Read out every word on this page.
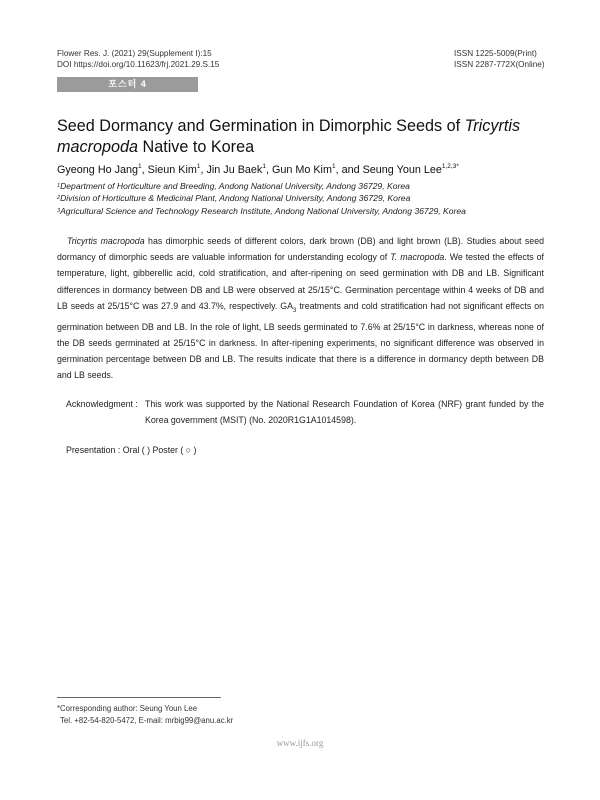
Flower Res. J. (2021) 29(Supplement I):15
DOI https://doi.org/10.11623/frj.2021.29.S.15
ISSN 1225-5009(Print)
ISSN 2287-772X(Online)
포스터 4
Seed Dormancy and Germination in Dimorphic Seeds of Tricyrtis macropoda Native to Korea
Gyeong Ho Jang$^1$, Sieun Kim$^1$, Jin Ju Baek$^1$, Gun Mo Kim$^1$, and Seung Youn Lee$^{1,2,3*}$
$^1$Department of Horticulture and Breeding, Andong National University, Andong 36729, Korea
$^2$Division of Horticulture & Medicinal Plant, Andong National University, Andong 36729, Korea
$^3$Agricultural Science and Technology Research Institute, Andong National University, Andong 36729, Korea

Tricyrtis macropoda has dimorphic seeds of different colors, dark brown (DB) and light brown (LB). Studies about seed dormancy of dimorphic seeds are valuable information for understanding ecology of T. macropoda. We tested the effects of temperature, light, gibberellic acid, cold stratification, and after-ripening on seed germination with DB and LB. Significant differences in dormancy between DB and LB were observed at 25/15°C. Germination percentage within 4 weeks of DB and LB seeds at 25/15°C was 27.9 and 43.7%, respectively. $GA_3$ treatments and cold stratification had not significant effects on germination between DB and LB. In the role of light, LB seeds germinated to 7.6% at 25/15°C in darkness, whereas none of the DB seeds germinated at 25/15°C in darkness. In after-ripening experiments, no significant difference was observed in germination percentage between DB and LB. The results indicate that there is a difference in dormancy depth between DB and LB seeds.

Acknowledgment : This work was supported by the National Research Foundation of Korea (NRF) grant funded by the Korea government (MSIT) (No. 2020R1G1A1014598).
Presentation : Oral ( ) Poster ( ○ )
*Corresponding author: Seung Youn Lee
Tel. +82-54-820-5472, E-mail: mrbig99@anu.ac.kr
www.ijfs.org
